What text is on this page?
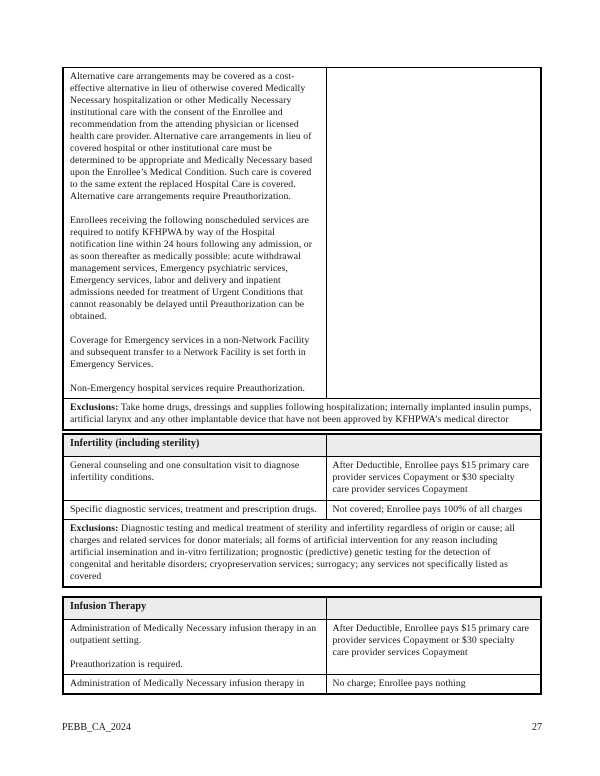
Alternative care arrangements may be covered as a cost-effective alternative in lieu of otherwise covered Medically Necessary hospitalization or other Medically Necessary institutional care with the consent of the Enrollee and recommendation from the attending physician or licensed health care provider. Alternative care arrangements in lieu of covered hospital or other institutional care must be determined to be appropriate and Medically Necessary based upon the Enrollee’s Medical Condition. Such care is covered to the same extent the replaced Hospital Care is covered. Alternative care arrangements require Preauthorization.

Enrollees receiving the following nonscheduled services are required to notify KFHPWA by way of the Hospital notification line within 24 hours following any admission, or as soon thereafter as medically possible: acute withdrawal management services, Emergency psychiatric services, Emergency services, labor and delivery and inpatient admissions needed for treatment of Urgent Conditions that cannot reasonably be delayed until Preauthorization can be obtained.

Coverage for Emergency services in a non-Network Facility and subsequent transfer to a Network Facility is set forth in Emergency Services.

Non-Emergency hospital services require Preauthorization.

Exclusions: Take home drugs, dressings and supplies following hospitalization; internally implanted insulin pumps, artificial larynx and any other implantable device that have not been approved by KFHPWA’s medical director

Infertility (including sterility)	
General counseling and one consultation visit to diagnose infertility conditions.	After Deductible, Enrollee pays $15 primary care provider services Copayment or $30 specialty care provider services Copayment
Specific diagnostic services, treatment and prescription drugs.	Not covered; Enrollee pays 100% of all charges

Exclusions: Diagnostic testing and medical treatment of sterility and infertility regardless of origin or cause; all charges and related services for donor materials; all forms of artificial intervention for any reason including artificial insemination and in-vitro fertilization; prognostic (predictive) genetic testing for the detection of congenital and heritable disorders; cryopreservation services; surrogacy; any services not specifically listed as covered	

Infusion Therapy	

Administration of Medically Necessary infusion therapy in an outpatient setting.

Preauthorization is required.	After Deductible, Enrollee pays $15 primary care provider services Copayment or $30 specialty care provider services Copayment
Administration of Medically Necessary infusion therapy in	No charge; Enrollee pays nothing
PEBB_CA_2024	27
